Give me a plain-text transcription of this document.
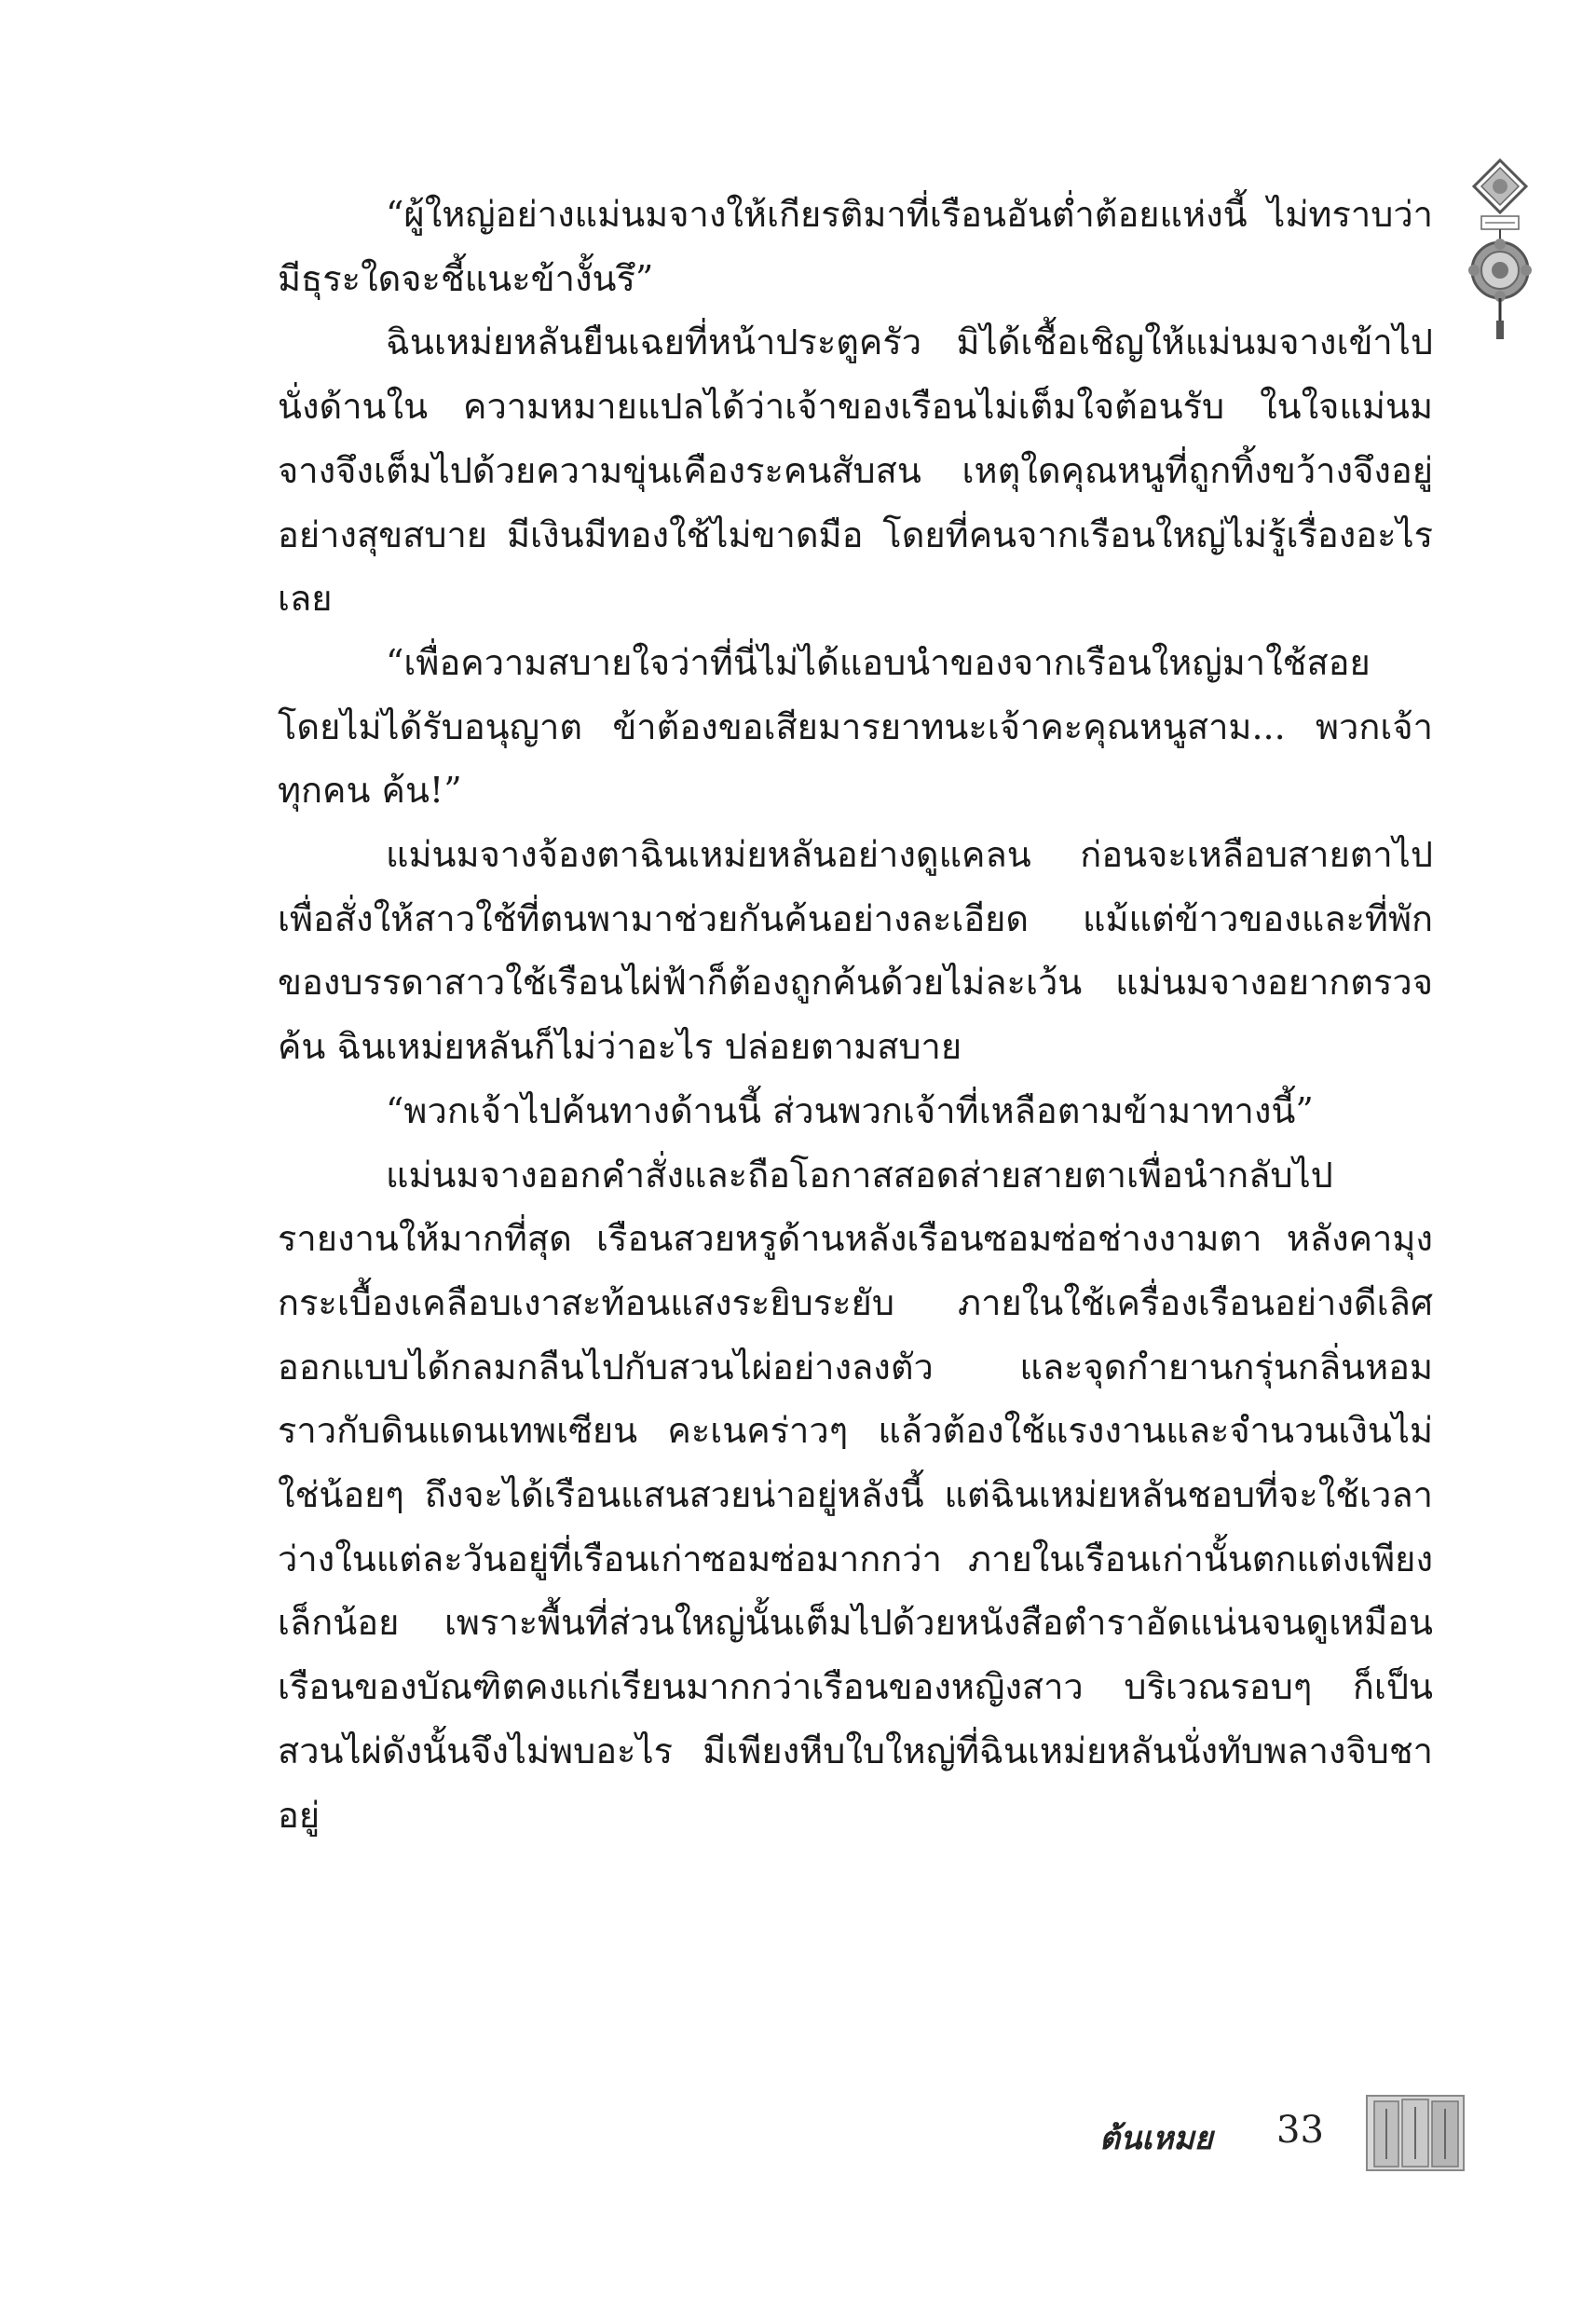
“ผู้ใหญ่อย่างแม่นมจางให้เกียรติมาที่เรือนอันต่ำต้อยแห่งนี้ ไม่ทราบว่ามีธุระใดจะชี้แนะข้างั้นรึ”

ฉินเหม่ยหลันยืนเฉยที่หน้าประตูครัว มิได้เชื้อเชิญให้แม่นมจางเข้าไปนั่งด้านใน ความหมายแปลได้ว่าเจ้าของเรือนไม่เต็มใจต้อนรับ ในใจแม่นมจางจึงเต็มไปด้วยความขุ่นเคืองระคนสับสน เหตุใดคุณหนูที่ถูกทิ้งขว้างจึงอยู่อย่างสุขสบาย มีเงินมีทองใช้ไม่ขาดมือ โดยที่คนจากเรือนใหญ่ไม่รู้เรื่องอะไรเลย

“เพื่อความสบายใจว่าที่นี่ไม่ได้แอบนำของจากเรือนใหญ่มาใช้สอยโดยไม่ได้รับอนุญาต ข้าต้องขอเสียมารยาทนะเจ้าคะคุณหนูสาม... พวกเจ้าทุกคน ค้น!”

แม่นมจางจ้องตาฉินเหม่ยหลันอย่างดูแคลน ก่อนจะเหลือบสายตาไปเพื่อสั่งให้สาวใช้ที่ตนพามาช่วยกันค้นอย่างละเอียด แม้แต่ข้าวของและที่พักของบรรดาสาวใช้เรือนไผ่ฟ้าก็ต้องถูกค้นด้วยไม่ละเว้น แม่นมจางอยากตรวจค้น ฉินเหม่ยหลันก็ไม่ว่าอะไร ปล่อยตามสบาย

“พวกเจ้าไปค้นทางด้านนี้ ส่วนพวกเจ้าที่เหลือตามข้ามาทางนี้”

แม่นมจางออกคำสั่งและถือโอกาสสอดส่ายสายตาเพื่อนำกลับไปรายงานให้มากที่สุด เรือนสวยหรูด้านหลังเรือนซอมซ่อช่างงามตา หลังคามุงกระเบื้องเคลือบเงาสะท้อนแสงระยิบระยับ ภายในใช้เครื่องเรือนอย่างดีเลิศ ออกแบบได้กลมกลืนไปกับสวนไผ่อย่างลงตัว และจุดกำยานกรุ่นกลิ่นหอมราวกับดินแดนเทพเซียน คะเนคร่าวๆ แล้วต้องใช้แรงงานและจำนวนเงินไม่ใช่น้อยๆ ถึงจะได้เรือนแสนสวยน่าอยู่หลังนี้ แต่ฉินเหม่ยหลันชอบที่จะใช้เวลาว่างในแต่ละวันอยู่ที่เรือนเก่าซอมซ่อมากกว่า ภายในเรือนเก่านั้นตกแต่งเพียงเล็กน้อย เพราะพื้นที่ส่วนใหญ่นั้นเต็มไปด้วยหนังสือตำราอัดแน่นจนดูเหมือนเรือนของบัณฑิตคงแก่เรียนมากกว่าเรือนของหญิงสาว บริเวณรอบๆ ก็เป็นสวนไผ่ดังนั้นจึงไม่พบอะไร มีเพียงหีบใบใหญ่ที่ฉินเหม่ยหลันนั่งทับพลางจิบชาอยู่

ต้นเหมย 33
